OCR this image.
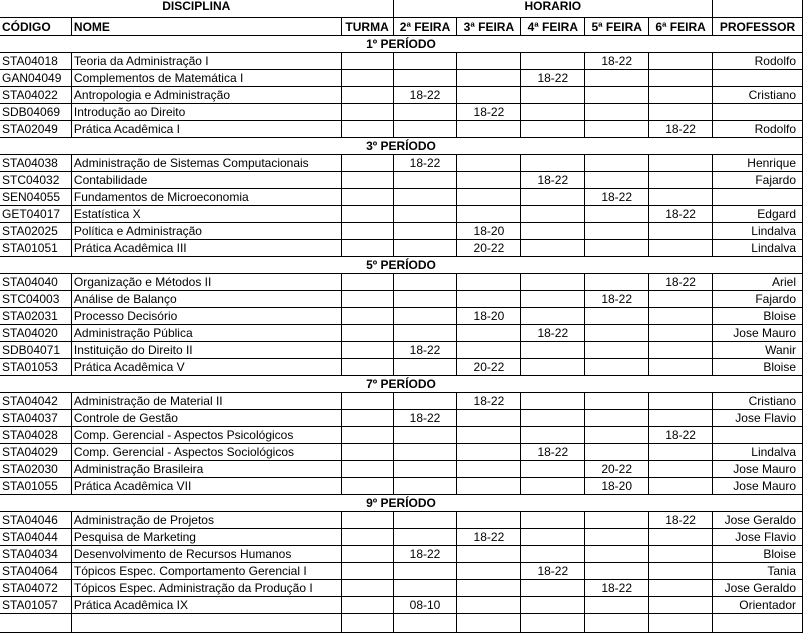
DISCIPLINA			HORARIO					
CÓDIGO	NOME	TURMA	2ª FEIRA	3ª FEIRA	4ª FEIRA	5ª FEIRA	6ª FEIRA	PROFESSOR
1º PERÍODO								
STA04018	Teoria da Administração I					18-22		Rodolfo
GAN04049	Complementos de Matemática I				18-22			
STA04022	Antropologia e Administração		18-22					Cristiano
SDB04069	Introdução ao Direito			18-22				
STA02049	Prática Acadêmica I						18-22	Rodolfo
3º PERÍODO								
STA04038	Administração de Sistemas Computacionais		18-22					Henrique
STC04032	Contabilidade				18-22			Fajardo
SEN04055	Fundamentos de Microeconomia					18-22		
GET04017	Estatística X						18-22	Edgard
STA02025	Política e Administração			18-20				Lindalva
STA01051	Prática Acadêmica III			20-22				Lindalva
5º PERÍODO								
STA04040	Organização e Métodos II						18-22	Ariel
STC04003	Análise de Balanço					18-22		Fajardo
STA02031	Processo Decisório			18-20				Bloise
STA04020	Administração Pública				18-22			Jose Mauro
SDB04071	Instituição do Direito II		18-22					Wanir
STA01053	Prática Acadêmica V			20-22				Bloise
7º PERÍODO								
STA04042	Administração de Material II			18-22				Cristiano
STA04037	Controle de Gestão		18-22					Jose Flavio
STA04028	Comp. Gerencial - Aspectos Psicológicos						18-22	
STA04029	Comp. Gerencial - Aspectos Sociológicos				18-22			Lindalva
STA02030	Administração Brasileira					20-22		Jose Mauro
STA01055	Prática Acadêmica VII					18-20		Jose Mauro
9º PERÍODO								
STA04046	Administração de Projetos						18-22	Jose Geraldo
STA04044	Pesquisa de Marketing			18-22				Jose Flavio
STA04034	Desenvolvimento de Recursos Humanos		18-22					Bloise
STA04064	Tópicos Espec. Comportamento Gerencial I				18-22			Tania
STA04072	Tópicos Espec. Administração da Produção I					18-22		Jose Geraldo
STA01057	Prática Acadêmica IX		08-10					Orientador
